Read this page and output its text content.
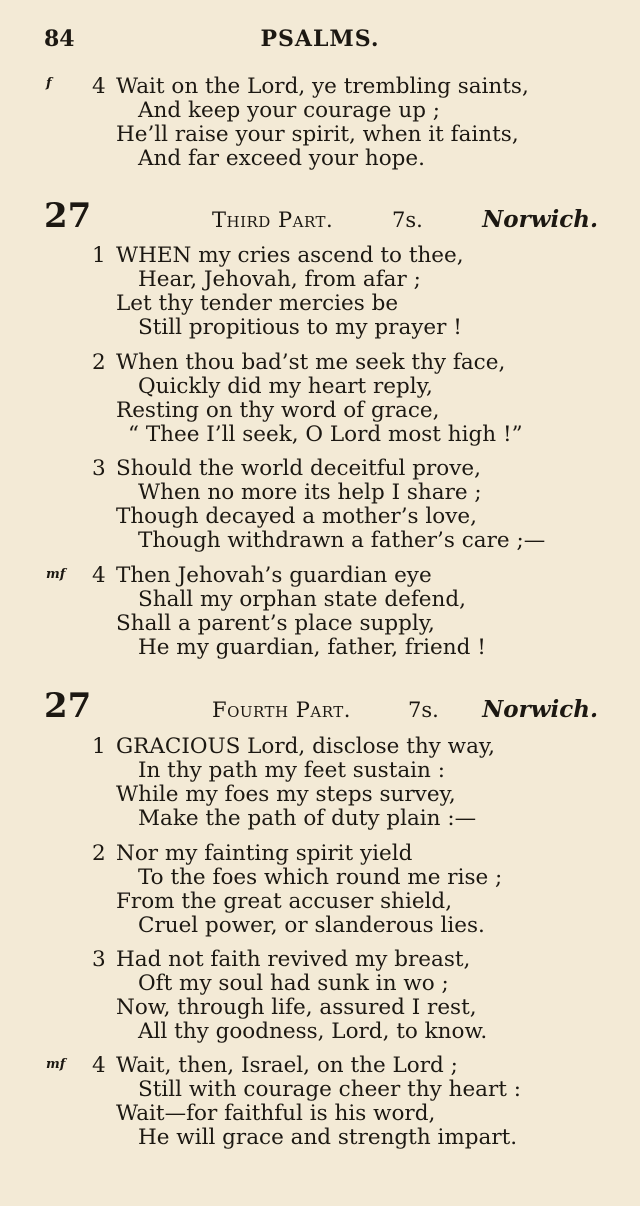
84	PSALMS.
f 4 Wait on the Lord, ye trembling saints,
And keep your courage up ;
He’ll raise your spirit, when it faints,
And far exceed your hope.
27	Third Part.	7s.	Norwich.
1 WHEN my cries ascend to thee,
Hear, Jehovah, from afar ;
Let thy tender mercies be
Still propitious to my prayer !
2 When thou bad’st me seek thy face,
Quickly did my heart reply,
Resting on thy word of grace,
“ Thee I’ll seek, O Lord most high !”
3 Should the world deceitful prove,
When no more its help I share ;
Though decayed a mother’s love,
Though withdrawn a father’s care ;—
mf 4 Then Jehovah’s guardian eye
Shall my orphan state defend,
Shall a parent’s place supply,
He my guardian, father, friend !
27	Fourth Part.	7s. Norwich.
1 GRACIOUS Lord, disclose thy way,
In thy path my feet sustain :
While my foes my steps survey,
Make the path of duty plain :—
2 Nor my fainting spirit yield
To the foes which round me rise ;
From the great accuser shield,
Cruel power, or slanderous lies.
3 Had not faith revived my breast,
Oft my soul had sunk in wo ;
Now, through life, assured I rest,
All thy goodness, Lord, to know.
mf 4 Wait, then, Israel, on the Lord ;
Still with courage cheer thy heart :
Wait—for faithful is his word,
He will grace and strength impart.
